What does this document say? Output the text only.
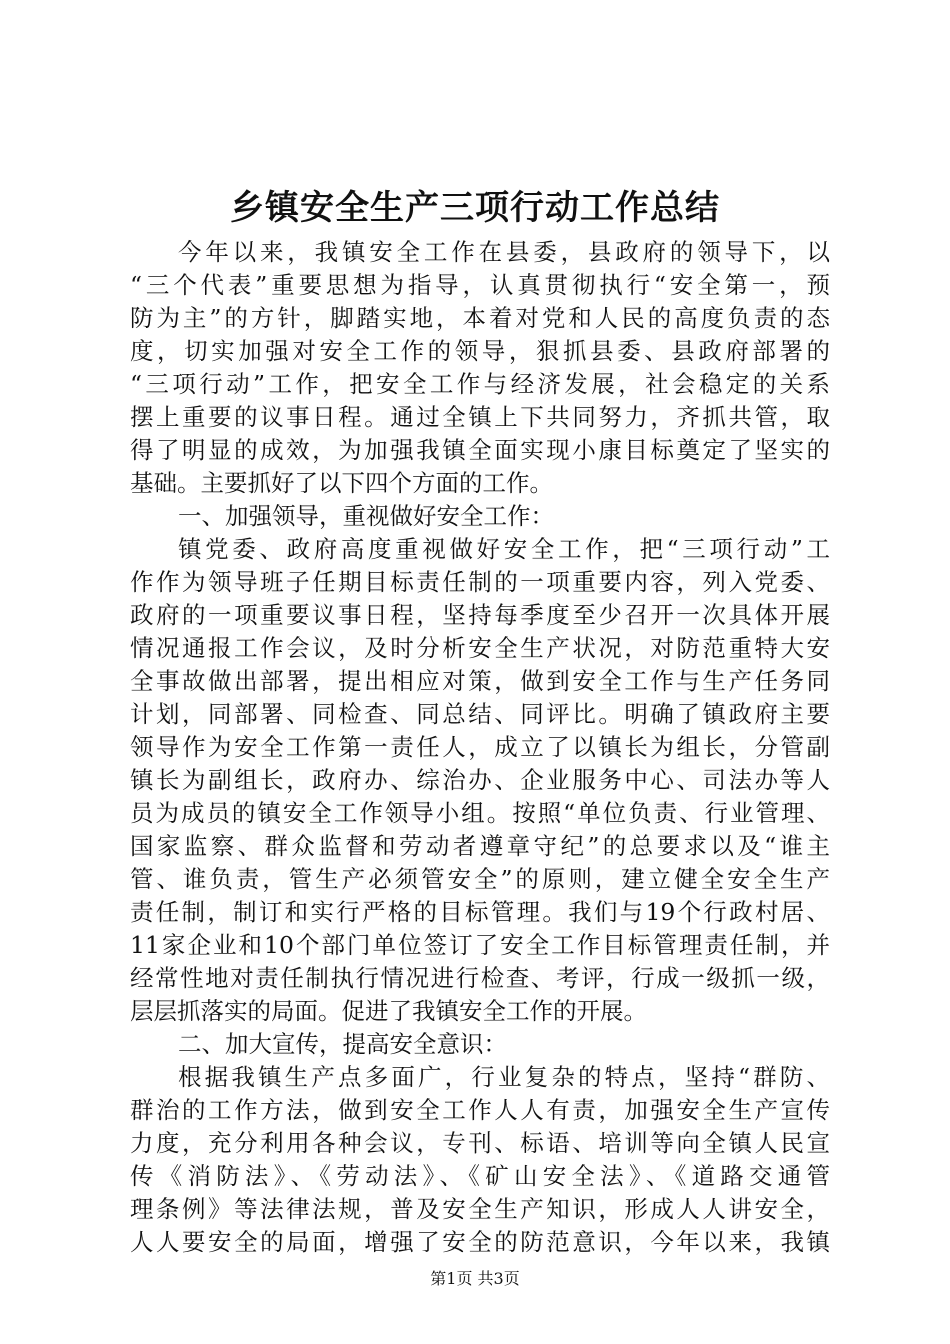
乡镇安全生产三项行动工作总结
今年以来，我镇安全工作在县委，县政府的领导下，以
“三个代表”重要思想为指导，认真贯彻执行“安全第一，预
防为主”的方针，脚踏实地，本着对党和人民的高度负责的态
度，切实加强对安全工作的领导，狠抓县委、县政府部署的
“三项行动”工作，把安全工作与经济发展，社会稳定的关系
摆上重要的议事日程。通过全镇上下共同努力，齐抓共管，取
得了明显的成效，为加强我镇全面实现小康目标奠定了坚实的
基础。主要抓好了以下四个方面的工作。
一、加强领导，重视做好安全工作：
镇党委、政府高度重视做好安全工作，把“三项行动”工
作作为领导班子任期目标责任制的一项重要内容，列入党委、
政府的一项重要议事日程，坚持每季度至少召开一次具体开展
情况通报工作会议，及时分析安全生产状况，对防范重特大安
全事故做出部署，提出相应对策，做到安全工作与生产任务同
计划，同部署、同检查、同总结、同评比。明确了镇政府主要
领导作为安全工作第一责任人，成立了以镇长为组长，分管副
镇长为副组长，政府办、综治办、企业服务中心、司法办等人
员为成员的镇安全工作领导小组。按照“单位负责、行业管理、
国家监察、群众监督和劳动者遵章守纪”的总要求以及“谁主
管、谁负责，管生产必须管安全”的原则，建立健全安全生产
责任制，制订和实行严格的目标管理。我们与19个行政村居、
11家企业和10个部门单位签订了安全工作目标管理责任制，并
经常性地对责任制执行情况进行检查、考评，行成一级抓一级，
层层抓落实的局面。促进了我镇安全工作的开展。
二、加大宣传，提高安全意识：
根据我镇生产点多面广，行业复杂的特点，坚持“群防、
群治的工作方法，做到安全工作人人有责，加强安全生产宣传
力度，充分利用各种会议，专刊、标语、培训等向全镇人民宣
传《消防法》、《劳动法》、《矿山安全法》、《道路交通管
理条例》等法律法规，普及安全生产知识，形成人人讲安全，
第1页 共3页
人人要安全的局面，增强了安全的防范意识，今年以来，我镇
